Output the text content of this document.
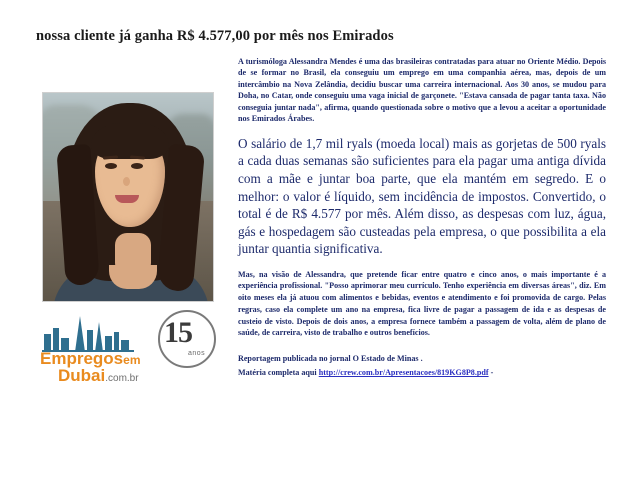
nossa cliente já ganha R$ 4.577,00 por mês nos Emirados
Empregosem
Dubai.com.br
15
anos

A turismóloga Alessandra Mendes é uma das brasileiras contratadas para atuar no Oriente Médio. Depois de se formar no Brasil, ela conseguiu um emprego em uma companhia aérea, mas, depois de um intercâmbio na Nova Zelândia, decidiu buscar uma carreira internacional. Aos 30 anos, se mudou para Doha, no Catar, onde conseguiu uma vaga inicial de garçonete. "Estava cansada de pagar tanta taxa. Não conseguia juntar nada", afirma, quando questionada sobre o motivo que a levou a aceitar a oportunidade nos Emirados Árabes.

O salário de 1,7 mil ryals (moeda local) mais as gorjetas de 500 ryals a cada duas semanas são suficientes para ela pagar uma antiga dívida com a mãe e juntar boa parte, que ela mantém em segredo. E o melhor: o valor é líquido, sem incidência de impostos. Convertido, o total é de R$ 4.577 por mês. Além disso, as despesas com luz, água, gás e hospedagem são custeadas pela empresa, o que possibilita a ela juntar quantia significativa.

Mas, na visão de Alessandra, que pretende ficar entre quatro e cinco anos, o mais importante é a experiência profissional. "Posso aprimorar meu currículo. Tenho experiência em diversas áreas", diz. Em oito meses ela já atuou com alimentos e bebidas, eventos e atendimento e foi promovida de cargo. Pelas regras, caso ela complete um ano na empresa, fica livre de pagar a passagem de ida e as despesas de custeio de visto. Depois de dois anos, a empresa fornece também a passagem de volta, além de plano de saúde, de carreira, visto de trabalho e outros benefícios.

Reportagem publicada no jornal O Estado de Minas .

Matéria completa aqui http://crew.com.br/Apresentacoes/819KG8P8.pdf -
